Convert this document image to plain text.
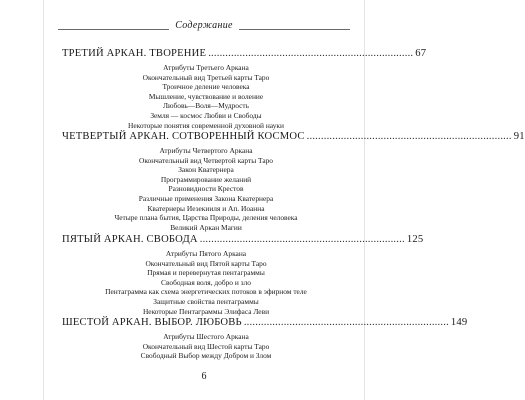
Содержание
ТРЕТИЙ АРКАН. ТВОРЕНИЕ ........................................................................ 67
Атрибуты Третьего Аркана
Окончательный вид Третьей карты Таро
Троичное деление человека
Мышление, чувствование и воление
Любовь—Воля—Мудрость
Земля — космос Любви и Свободы
Некоторые понятия современной духовной науки
ЧЕТВЕРТЫЙ АРКАН. СОТВОРЕННЫЙ КОСМОС ........................................................................ 91
Атрибуты Четвертого Аркана
Окончательный вид Четвертой карты Таро
Закон Кватернера
Программирование желаний
Разновидности Крестов
Различные применения Закона Кватернера
Кватернеры Иезекииля и Ап. Иоанна
Четыре плана бытия, Царства Природы, деления человека
Великий Аркан Магии
ПЯТЫЙ АРКАН. СВОБОДА ........................................................................ 125
Атрибуты Пятого Аркана
Окончательный вид Пятой карты Таро
Прямая и перевернутая пентаграммы
Свободная воля, добро и зло
Пентаграмма как схема энергетических потоков в эфирном теле
Защитные свойства пентаграммы
Некоторые Пентаграммы Элифаса Леви
ШЕСТОЙ АРКАН. ВЫБОР. ЛЮБОВЬ ........................................................................ 149
Атрибуты Шестого Аркана
Окончательный вид Шестой карты Таро
Свободный Выбор между Добром и Злом
6
